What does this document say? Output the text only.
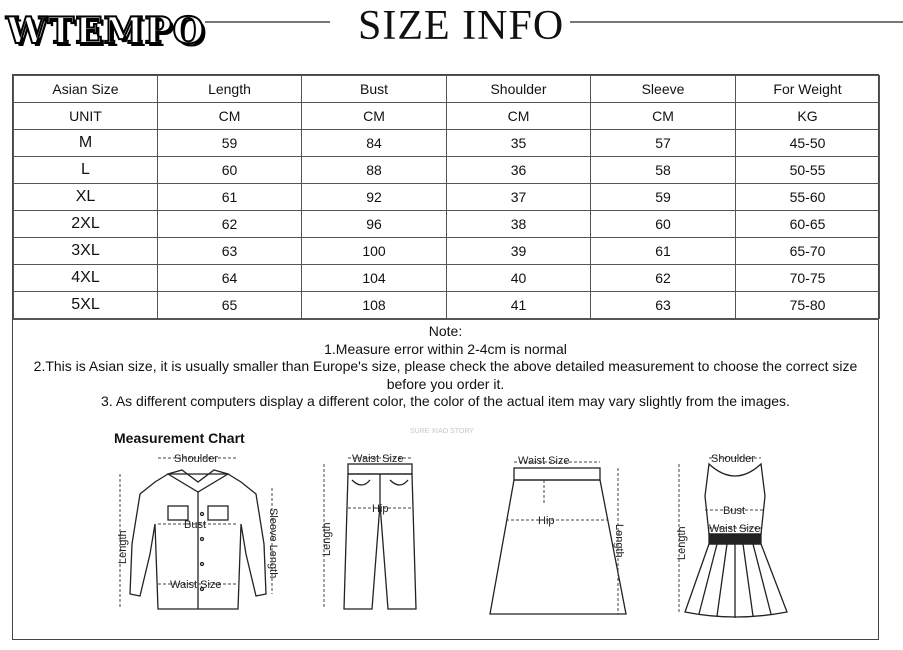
WTEMPO	SIZE INFO
Asian Size	Length	Bust	Shoulder	Sleeve	For Weight
UNIT	CM	CM	CM	CM	KG
M	59	84	35	57	45-50
L	60	88	36	58	50-55
XL	61	92	37	59	55-60
2XL	62	96	38	60	60-65
3XL	63	100	39	61	65-70
4XL	64	104	40	62	70-75
5XL	65	108	41	63	75-80
Note:
1.Measure error within 2-4cm is normal
2.This is Asian size, it is usually smaller than Europe's size, please check the above detailed measurement to choose the correct size before you order it.
3. As different computers display a different color, the color of the actual item may vary slightly from the images.
Measurement Chart	SURE XIAO STORY
Shoulder
Bust
Waist Size
Length	Sleeve Length
Waist Size
Hip
Length
Waist Size
Hip
Length
Shoulder
Bust
Waist Size
Length
